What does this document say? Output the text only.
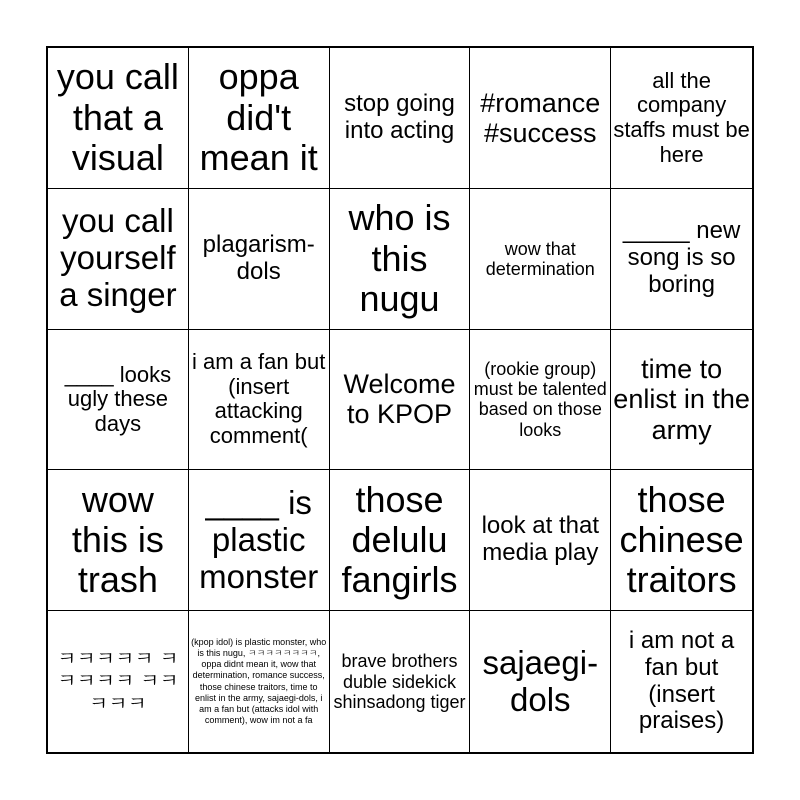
you call that a visual
oppa did't mean it
stop going into acting
#romance #success
all the company staffs must be here
you call yourself a singer
plagarism-dols
who is this nugu
wow that determination
_____ new song is so boring
____ looks ugly these days
i am a fan but (insert attacking comment(
Welcome to KPOP
(rookie group) must be talented based on those looks
time to enlist in the army
wow this is trash
____ is plastic monster
those delulu fangirls
look at that media play
those chinese traitors
ㅋㅋㅋㅋㅋ ㅋㅋㅋㅋㅋ ㅋㅋㅋㅋㅋ
(kpop idol) is plastic monster, who is this nugu, ㅋㅋㅋㅋㅋㅋㅋㅋ, oppa didnt mean it, wow that determination, romance success, those chinese traitors, time to enlist in the army, sajaegi-dols, i am a fan but (attacks idol with comment), wow im not a fa
brave brothers duble sidekick shinsadong tiger
sajaegi-dols
i am not a fan but (insert praises)
